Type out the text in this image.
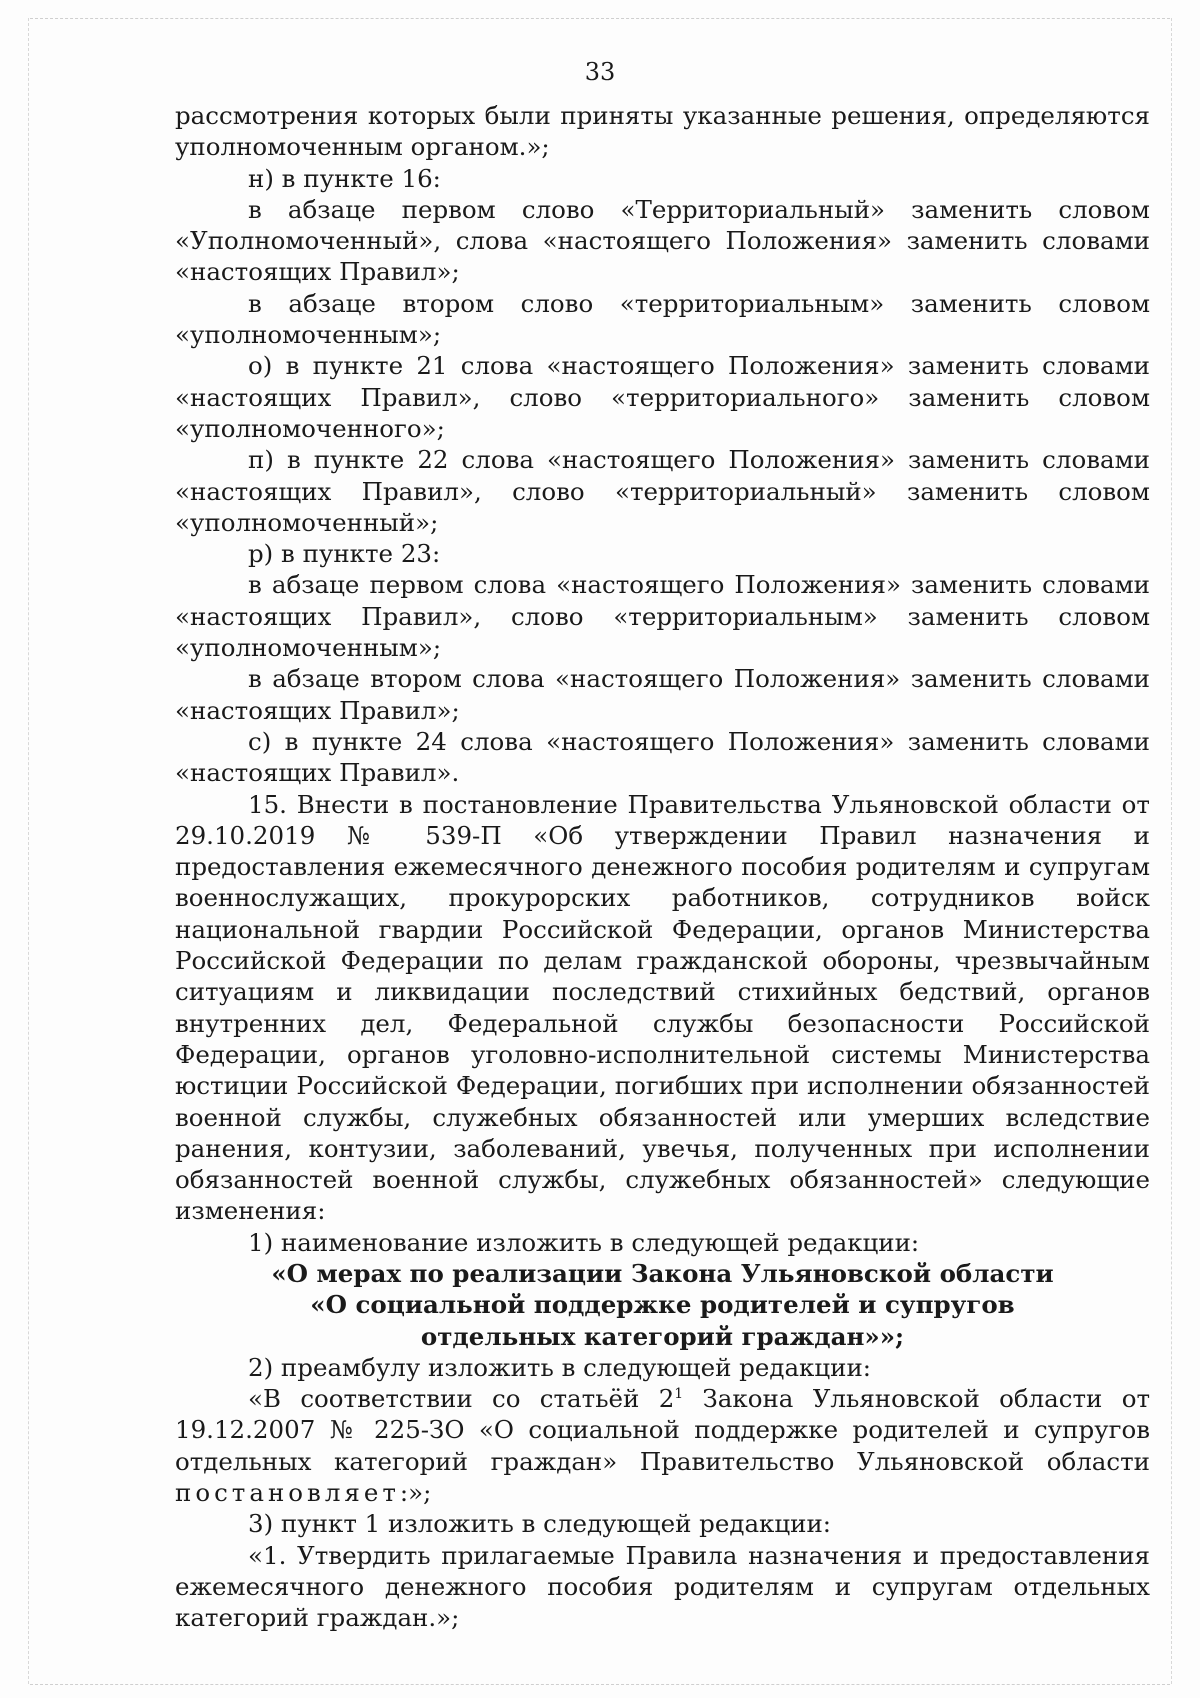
33

рассмотрения которых были приняты указанные решения, определяются уполномоченным органом.»;

н) в пункте 16:

в абзаце первом слово «Территориальный» заменить словом «Уполномоченный», слова «настоящего Положения» заменить словами «настоящих Правил»;

в абзаце втором слово «территориальным» заменить словом «уполномоченным»;

о) в пункте 21 слова «настоящего Положения» заменить словами «настоящих Правил», слово «территориального» заменить словом «уполномоченного»;

п) в пункте 22 слова «настоящего Положения» заменить словами «настоящих Правил», слово «территориальный» заменить словом «уполномоченный»;

р) в пункте 23:

в абзаце первом слова «настоящего Положения» заменить словами «настоящих Правил», слово «территориальным» заменить словом «уполномоченным»;

в абзаце втором слова «настоящего Положения» заменить словами «настоящих Правил»;

с) в пункте 24 слова «настоящего Положения» заменить словами «настоящих Правил».

15. Внести в постановление Правительства Ульяновской области от 29.10.2019 № 539-П «Об утверждении Правил назначения и предоставления ежемесячного денежного пособия родителям и супругам военнослужащих, прокурорских работников, сотрудников войск национальной гвардии Российской Федерации, органов Министерства Российской Федерации по делам гражданской обороны, чрезвычайным ситуациям и ликвидации последствий стихийных бедствий, органов внутренних дел, Федеральной службы безопасности Российской Федерации, органов уголовно-исполнительной системы Министерства юстиции Российской Федерации, погибших при исполнении обязанностей военной службы, служебных обязанностей или умерших вследствие ранения, контузии, заболеваний, увечья, полученных при исполнении обязанностей военной службы, служебных обязанностей» следующие изменения:

1) наименование изложить в следующей редакции:

«О мерах по реализации Закона Ульяновской области

«О социальной поддержке родителей и супругов

отдельных категорий граждан»»;

2) преамбулу изложить в следующей редакции:

«В соответствии со статьёй $2^1$ Закона Ульяновской области от 19.12.2007 № 225-ЗО «О социальной поддержке родителей и супругов отдельных категорий граждан» Правительство Ульяновской области постановляет:»;

3) пункт 1 изложить в следующей редакции:

«1. Утвердить прилагаемые Правила назначения и предоставления ежемесячного денежного пособия родителям и супругам отдельных категорий граждан.»;
